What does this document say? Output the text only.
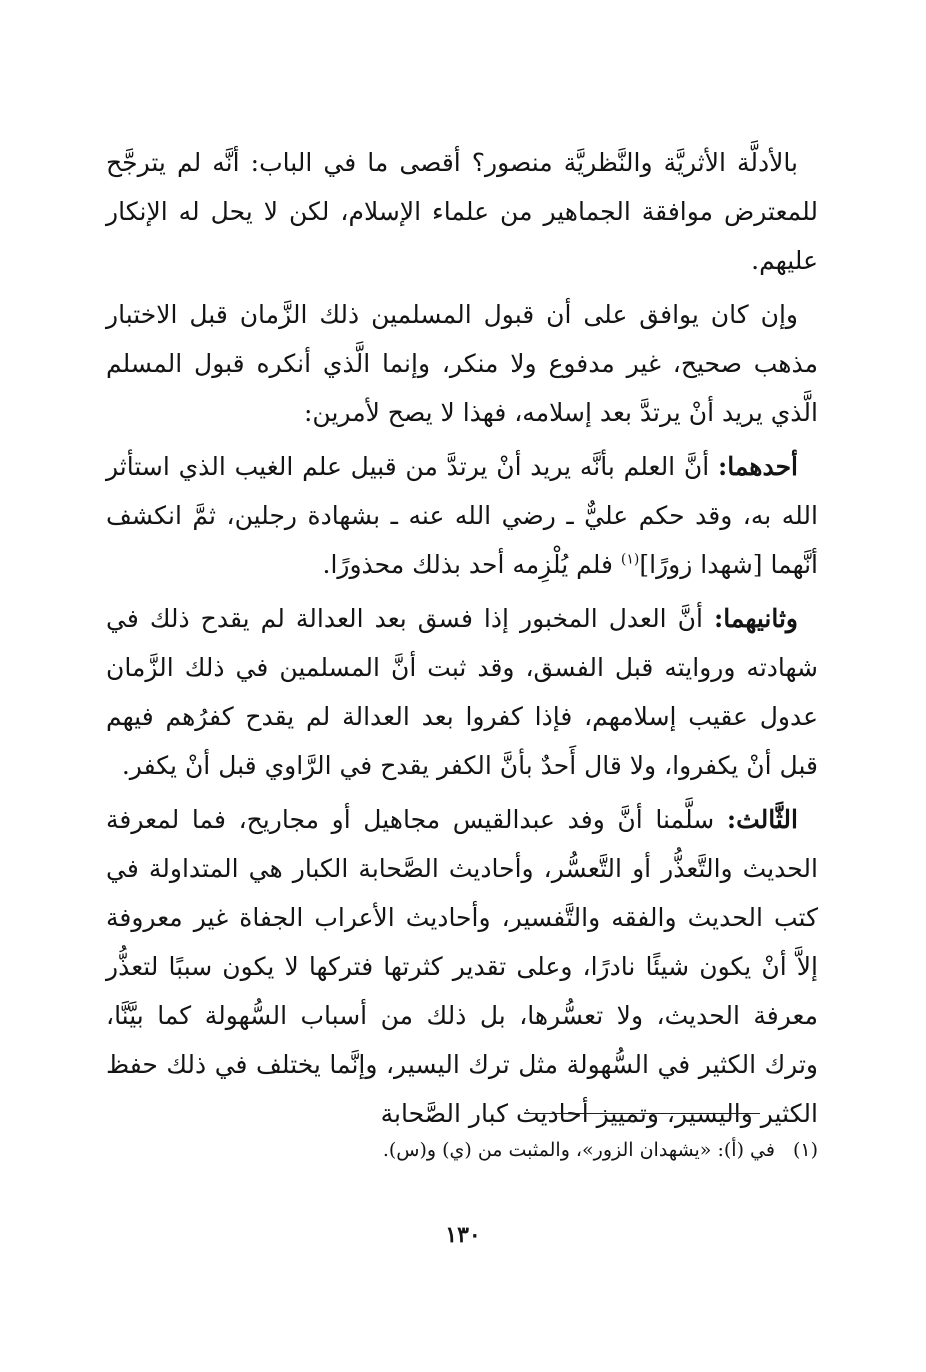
بالأدلَّة الأثريَّة والنَّظريَّة منصور؟ أقصى ما في الباب: أنَّه لم يترجَّح للمعترض موافقة الجماهير من علماء الإسلام، لكن لا يحل له الإنكار عليهم.

وإن كان يوافق على أن قبول المسلمين ذلك الزَّمان قبل الاختبار مذهب صحيح، غير مدفوع ولا منكر، وإنما الَّذي أنكره قبول المسلم الَّذي يريد أنْ يرتدَّ بعد إسلامه، فهذا لا يصح لأمرين:

أحدهما: أنَّ العلم بأنَّه يريد أنْ يرتدَّ من قبيل علم الغيب الذي استأثر الله به، وقد حكم عليٌّ ـ رضي الله عنه ـ بشهادة رجلين، ثمَّ انكشف أنَّهما [شهدا زورًا]$^{(١)}$ فلم يُلْزِمه أحد بذلك محذورًا.

وثانيهما: أنَّ العدل المخبور إذا فسق بعد العدالة لم يقدح ذلك في شهادته وروايته قبل الفسق، وقد ثبت أنَّ المسلمين في ذلك الزَّمان عدول عقيب إسلامهم، فإذا كفروا بعد العدالة لم يقدح كفرُهم فيهم قبل أنْ يكفروا، ولا قال أَحدٌ بأنَّ الكفر يقدح في الرَّاوي قبل أنْ يكفر.

الثَّالث: سلَّمنا أنَّ وفد عبدالقيس مجاهيل أو مجاريح، فما لمعرفة الحديث والتَّعذُّر أو التَّعسُّر، وأحاديث الصَّحابة الكبار هي المتداولة في كتب الحديث والفقه والتَّفسير، وأحاديث الأعراب الجفاة غير معروفة إلاَّ أنْ يكون شيئًا نادرًا، وعلى تقدير كثرتها فتركها لا يكون سببًا لتعذُّر معرفة الحديث، ولا تعسُّرها، بل ذلك من أسباب السُّهولة كما بيَّنَّا، وترك الكثير في السُّهولة مثل ترك اليسير، وإنَّما يختلف في ذلك حفظ الكثير واليسير، وتمييز أحاديث كبار الصَّحابة

(١)في (أ): «يشهدان الزور»، والمثبت من (ي) و(س).
١٣٠
